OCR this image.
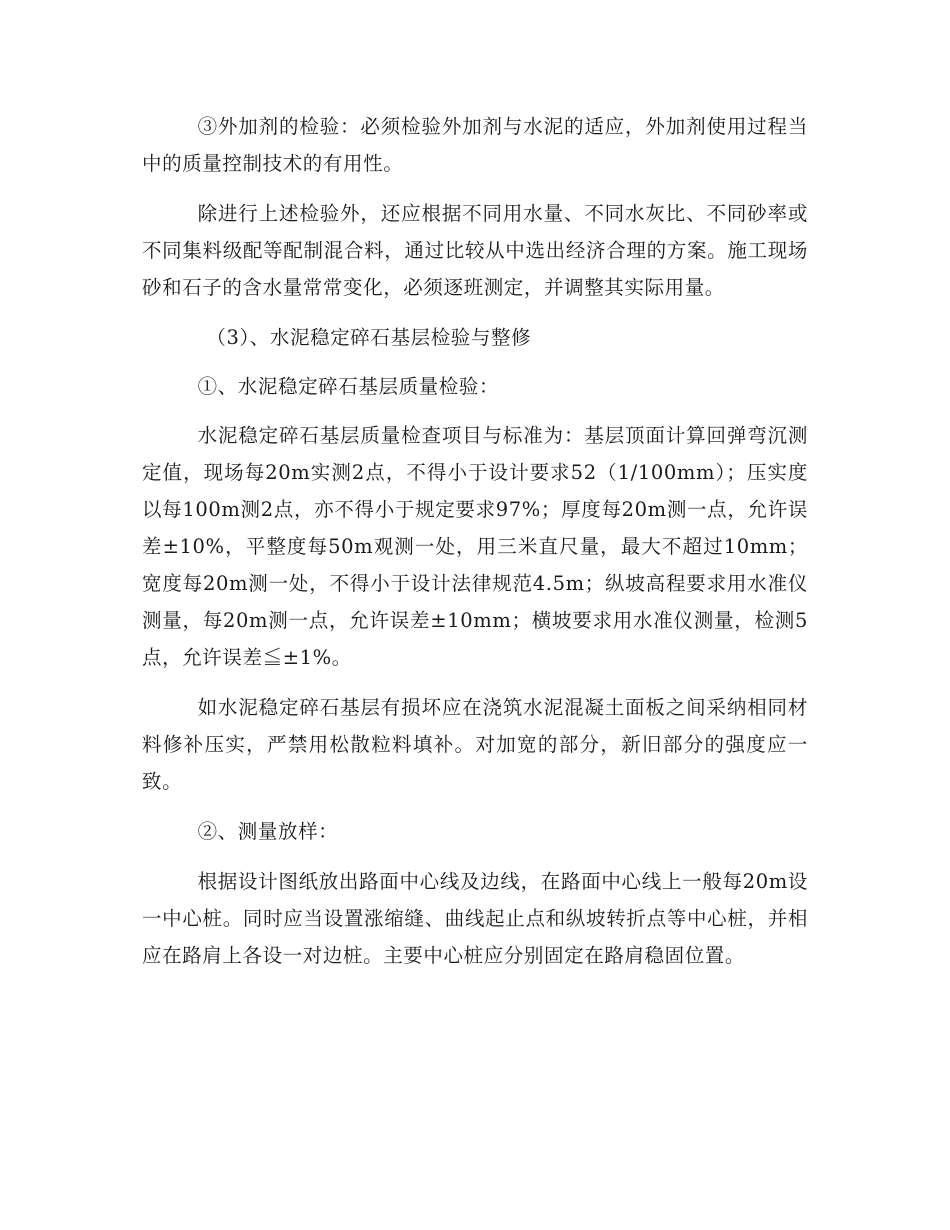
③外加剂的检验：必须检验外加剂与水泥的适应，外加剂使用过程当中的质量控制技术的有用性。

除进行上述检验外，还应根据不同用水量、不同水灰比、不同砂率或不同集料级配等配制混合料，通过比较从中选出经济合理的方案。施工现场砂和石子的含水量常常变化，必须逐班测定，并调整其实际用量。

（3）、水泥稳定碎石基层检验与整修

①、水泥稳定碎石基层质量检验：

水泥稳定碎石基层质量检查项目与标准为：基层顶面计算回弹弯沉测定值，现场每20m实测2点，不得小于设计要求52（1/100mm）；压实度以每100m测2点，亦不得小于规定要求97%；厚度每20m测一点，允许误差±10%，平整度每50m观测一处，用三米直尺量，最大不超过10mm；宽度每20m测一处，不得小于设计法律规范4.5m；纵坡高程要求用水准仪测量，每20m测一点，允许误差±10mm；横坡要求用水准仪测量，检测5点，允许误差≦±1%。

如水泥稳定碎石基层有损坏应在浇筑水泥混凝土面板之间采纳相同材料修补压实，严禁用松散粒料填补。对加宽的部分，新旧部分的强度应一致。

②、测量放样：

根据设计图纸放出路面中心线及边线，在路面中心线上一般每20m设一中心桩。同时应当设置涨缩缝、曲线起止点和纵坡转折点等中心桩，并相应在路肩上各设一对边桩。主要中心桩应分别固定在路肩稳固位置。
